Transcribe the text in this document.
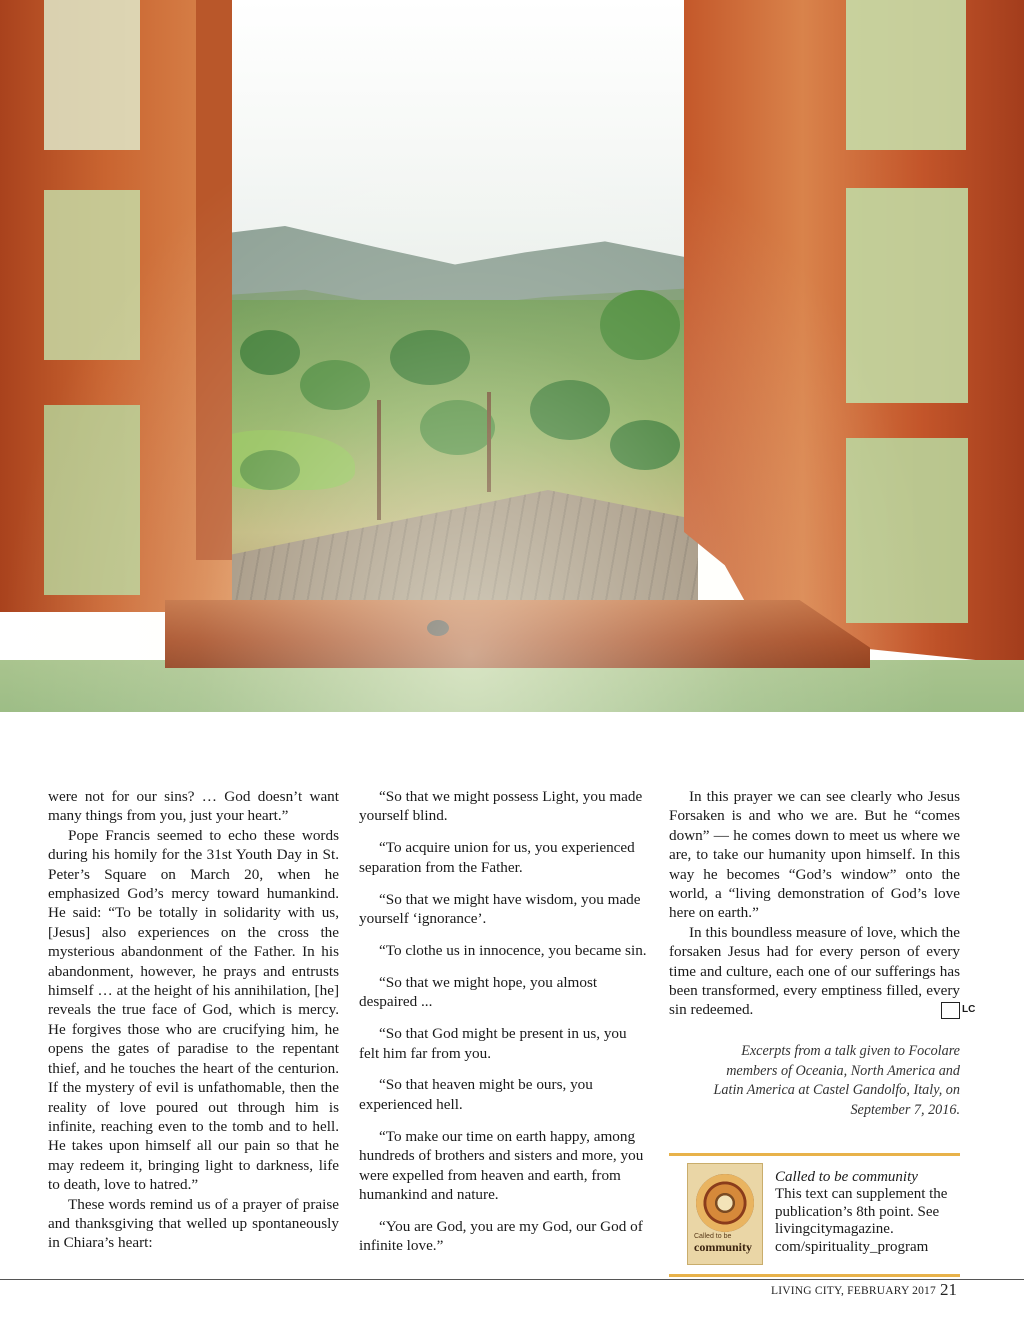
were not for our sins? … God doesn’t want many things from you, just your heart.”

Pope Francis seemed to echo these words during his homily for the 31st Youth Day in St. Peter’s Square on March 20, when he emphasized God’s mercy toward humankind. He said: “To be totally in solidarity with us, [Jesus] also experiences on the cross the mysterious abandonment of the Father. In his abandonment, however, he prays and entrusts himself … at the height of his annihilation, [he] reveals the true face of God, which is mercy. He forgives those who are crucifying him, he opens the gates of paradise to the repentant thief, and he touches the heart of the centurion. If the mystery of evil is unfathomable, then the reality of love poured out through him is infinite, reaching even to the tomb and to hell. He takes upon himself all our pain so that he may redeem it, bringing light to darkness, life to death, love to hatred.”

These words remind us of a prayer of praise and thanksgiving that welled up spontaneously in Chiara’s heart:

“So that we might possess Light, you made yourself blind.

“To acquire union for us, you experienced separation from the Father.

“So that we might have wisdom, you made yourself ‘ignorance’.

“To clothe us in innocence, you became sin.

“So that we might hope, you almost despaired ...

“So that God might be present in us, you felt him far from you.

“So that heaven might be ours, you experienced hell.

“To make our time on earth happy, among hundreds of brothers and sisters and more, you were expelled from heaven and earth, from humankind and nature.

“You are God, you are my God, our God of infinite love.”

In this prayer we can see clearly who Jesus Forsaken is and who we are. But he “comes down” — he comes down to meet us where we are, to take our humanity upon himself. In this way he becomes “God’s window” onto the world, a “living demonstration of God’s love here on earth.”

In this boundless measure of love, which the forsaken Jesus had for every person of every time and culture, each one of our sufferings has been transformed, every emptiness filled, every sin redeemed.	LC

Excerpts from a talk given to Focolare members of Oceania, North America and Latin America at Castel Gandolfo, Italy, on September 7, 2016.
Called to be
community
Called to be community
This text can supplement the publication’s 8th point. See livingcitymagazine. com/spirituality_program
LIVING CITY, FEBRUARY 2017 21
